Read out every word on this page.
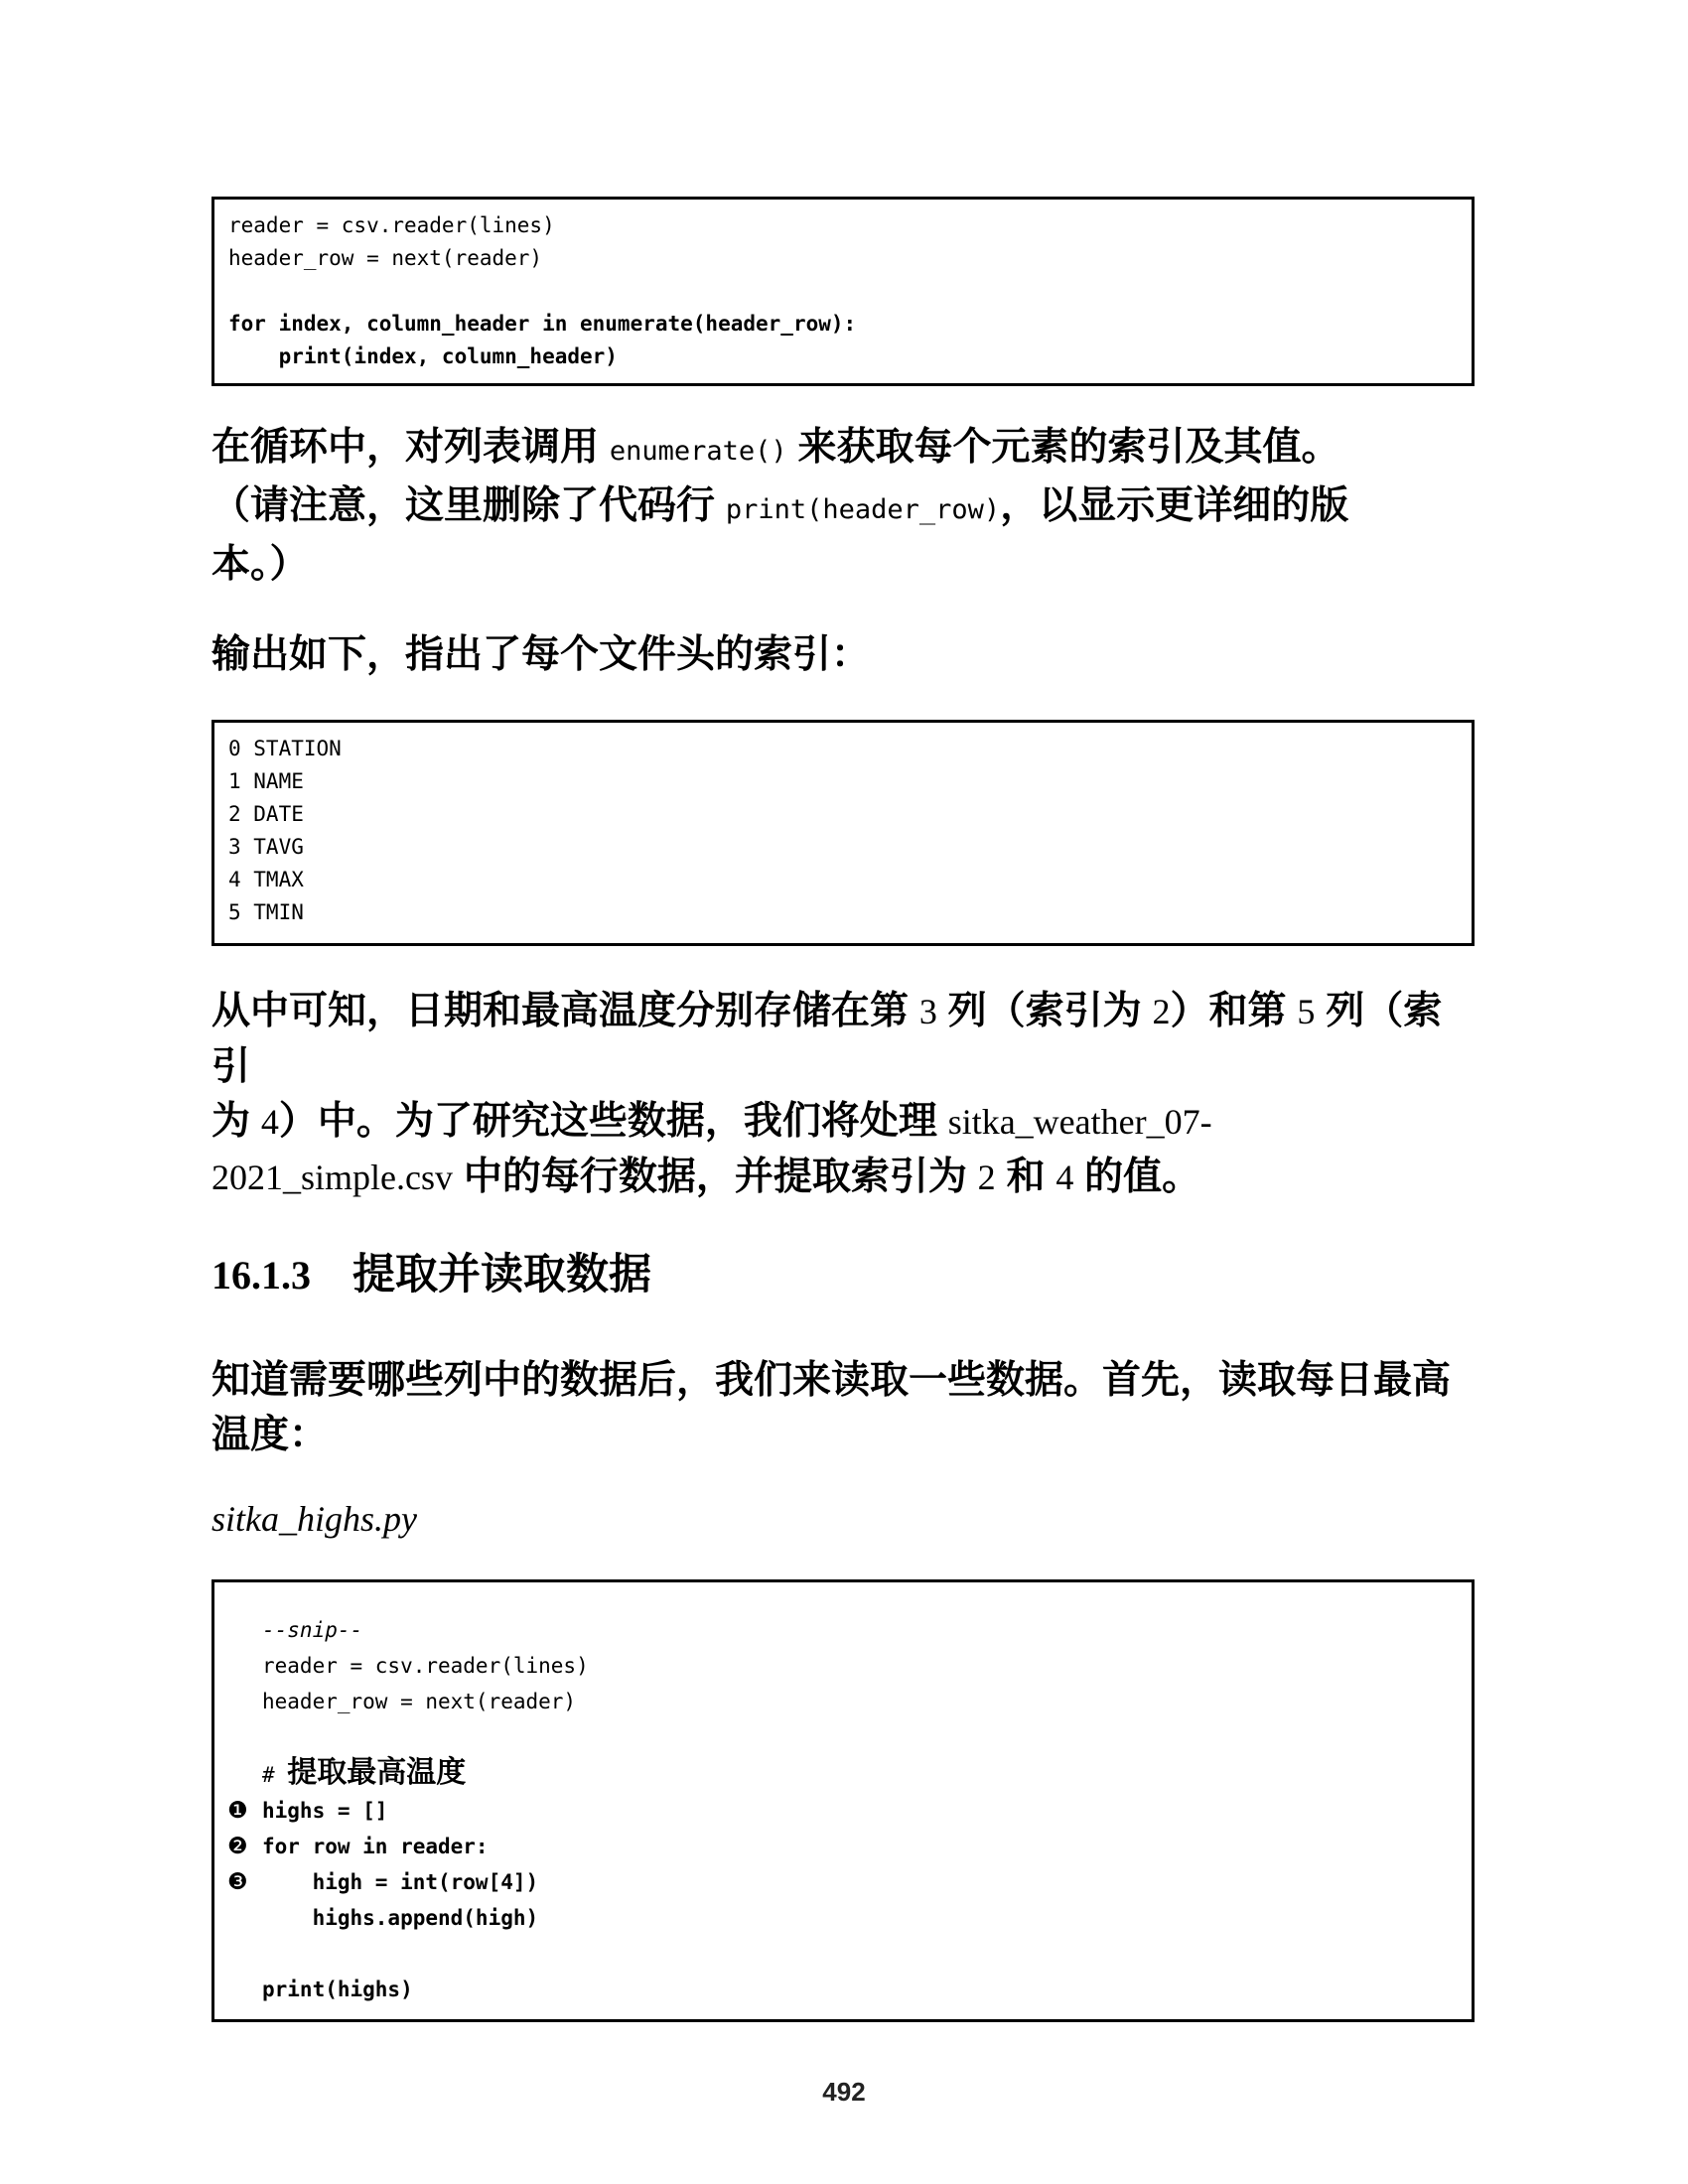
reader = csv.reader(lines)
header_row = next(reader)
for index, column_header in enumerate(header_row):
print(index, column_header)

在循环中，对列表调用 enumerate() 来获取每个元素的索引及其值。
（请注意，这里删除了代码行 print(header_row)，以显示更详细的版
本。）

输出如下，指出了每个文件头的索引：

0 STATION
1 NAME
2 DATE
3 TAVG
4 TMAX
5 TMIN

从中可知，日期和最高温度分别存储在第 3 列（索引为 2）和第 5 列（索引
为 4）中。为了研究这些数据，我们将处理 sitka_weather_07-
2021_simple.csv 中的每行数据，并提取索引为 2 和 4 的值。

16.1.3 提取并读取数据

知道需要哪些列中的数据后，我们来读取一些数据。首先，读取每日最高
温度：

sitka_highs.py

--snip--
reader = csv.reader(lines)
header_row = next(reader)
# 提取最高温度
❶ highs = []
❷ for row in reader:
❸ high = int(row[4])
highs.append(high)
print(highs)
492
